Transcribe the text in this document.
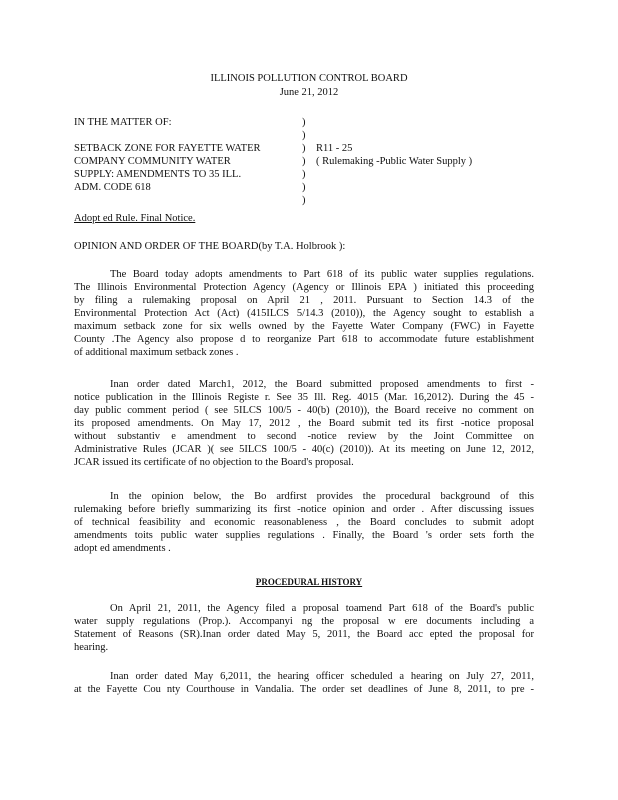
ILLINOIS POLLUTION CONTROL BOARD
June 21, 2012
IN THE MATTER OF:
SETBACK ZONE FOR FAYETTE WATER
COMPANY COMMUNITY WATER
SUPPLY: AMENDMENTS TO 35 ILL.
ADM. CODE 618
)
)
)
)
)
)
)
R11 - 25
( Rulemaking -Public Water Supply )
Adopt ed Rule. Final Notice.
OPINION AND ORDER OF THE BOARD(by T.A. Holbrook ):
The Board today adopts amendments to Part 618 of its public water supplies regulations.
The Illinois Environmental Protection Agency (Agency or Illinois EPA ) initiated this proceeding
by filing a rulemaking proposal on April 21 , 2011. Pursuant to Section 14.3 of the
Environmental Protection Act (Act) (415ILCS 5/14.3 (2010)), the Agency sought to establish a
maximum setback zone for six wells owned by the Fayette Water Company (FWC) in Fayette
County .The Agency also propose d to reorganize Part 618 to accommodate future establishment
of additional maximum setback zones .
Inan order dated March1, 2012, the Board submitted proposed amendments to first -
notice publication in the Illinois Registe r. See 35 Ill. Reg. 4015 (Mar. 16,2012). During the 45 -
day public comment period ( see 5ILCS 100/5 - 40(b) (2010)), the Board receive no comment on
its proposed amendments. On May 17, 2012 , the Board submit ted its first -notice proposal
without substantiv e amendment to second -notice review by the Joint Committee on
Administrative Rules (JCAR )( see 5ILCS 100/5 - 40(c) (2010)). At its meeting on June 12, 2012,
JCAR issued its certificate of no objection to the Board's proposal.
In the opinion below, the Bo ardfirst provides the procedural background of this
rulemaking before briefly summarizing its first -notice opinion and order . After discussing issues
of technical feasibility and economic reasonableness , the Board concludes to submit adopt
amendments toits public water supplies regulations . Finally, the Board 's order sets forth the
adopt ed amendments .
PROCEDURAL HISTORY
On April 21, 2011, the Agency filed a proposal toamend Part 618 of the Board's public
water supply regulations (Prop.). Accompanyi ng the proposal w ere documents including a
Statement of Reasons (SR).Inan order dated May 5, 2011, the Board acc epted the proposal for
hearing.
Inan order dated May 6,2011, the hearing officer scheduled a hearing on July 27, 2011,
at the Fayette Cou nty Courthouse in Vandalia. The order set deadlines of June 8, 2011, to pre -
